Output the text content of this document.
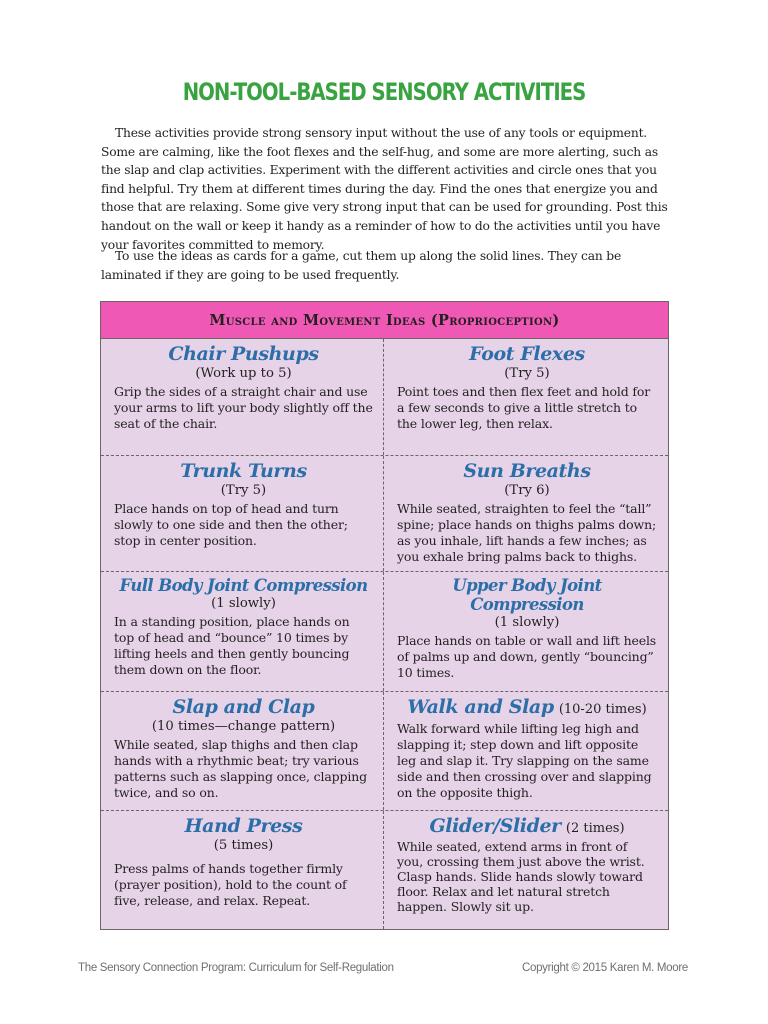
NON-TOOL-BASED SENSORY ACTIVITIES

These activities provide strong sensory input without the use of any tools or equipment. Some are calming, like the foot flexes and the self-hug, and some are more alerting, such as the slap and clap activities. Experiment with the different activities and circle ones that you find helpful. Try them at different times during the day. Find the ones that energize you and those that are relaxing. Some give very strong input that can be used for grounding. Post this handout on the wall or keep it handy as a reminder of how to do the activities until you have your favorites committed to memory.

To use the ideas as cards for a game, cut them up along the solid lines. They can be laminated if they are going to be used frequently.

Muscle and Movement Ideas (Proprioception)

Chair Pushups

(Work up to 5)

Grip the sides of a straight chair and use your arms to lift your body slightly off the seat of the chair.

Foot Flexes

(Try 5)

Point toes and then flex feet and hold for a few seconds to give a little stretch to the lower leg, then relax.

Trunk Turns

(Try 5)

Place hands on top of head and turn slowly to one side and then the other; stop in center position.

Sun Breaths

(Try 6)

While seated, straighten to feel the “tall” spine; place hands on thighs palms down; as you inhale, lift hands a few inches; as you exhale bring palms back to thighs.

Full Body Joint Compression

(1 slowly)

In a standing position, place hands on top of head and “bounce” 10 times by lifting heels and then gently bouncing them down on the floor.

Upper Body Joint Compression

(1 slowly)

Place hands on table or wall and lift heels of palms up and down, gently “bouncing” 10 times.

Slap and Clap

(10 times—change pattern)

While seated, slap thighs and then clap hands with a rhythmic beat; try various patterns such as slapping once, clapping twice, and so on.

Walk and Slap (10-20 times)

Walk forward while lifting leg high and slapping it; step down and lift opposite leg and slap it. Try slapping on the same side and then crossing over and slapping on the opposite thigh.

Hand Press

(5 times)

Press palms of hands together firmly (prayer position), hold to the count of five, release, and relax. Repeat.

Glider/Slider (2 times)

While seated, extend arms in front of you, crossing them just above the wrist. Clasp hands. Slide hands slowly toward floor. Relax and let natural stretch happen. Slowly sit up.

The Sensory Connection Program: Curriculum for Self-Regulation	Copyright © 2015 Karen M. Moore
